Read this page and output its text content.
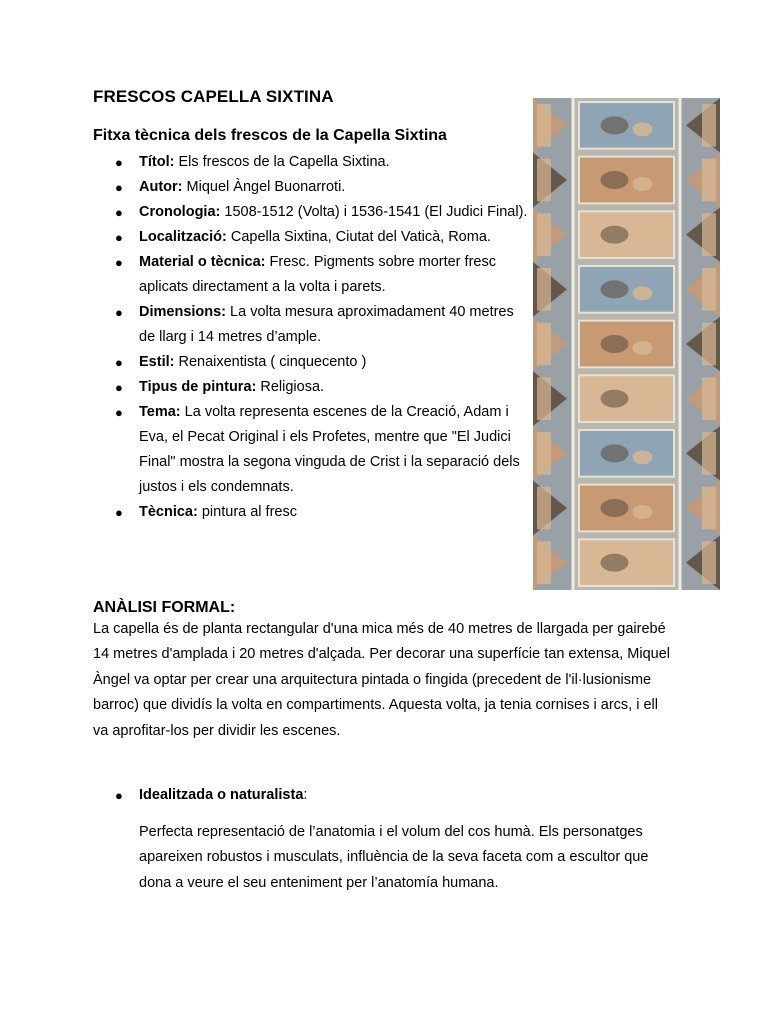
FRESCOS CAPELLA SIXTINA
Fitxa tècnica dels frescos de la Capella Sixtina
● Títol: Els frescos de la Capella Sixtina.
● Autor: Miquel Àngel Buonarroti.
● Cronologia: 1508-1512 (Volta) i 1536-1541 (El Judici Final).
● Localització: Capella Sixtina, Ciutat del Vaticà, Roma.
● Material o tècnica: Fresc. Pigments sobre morter fresc aplicats directament a la volta i parets.
● Dimensions: La volta mesura aproximadament 40 metres de llarg i 14 metres d’ample.
● Estil: Renaixentista ( cinquecento )
● Tipus de pintura: Religiosa.
● Tema: La volta representa escenes de la Creació, Adam i Eva, el Pecat Original i els Profetes, mentre que "El Judici Final" mostra la segona vinguda de Crist i la separació dels justos i els condemnats.
● Tècnica: pintura al fresc
ANÀLISI FORMAL:

La capella és de planta rectangular d'una mica més de 40 metres de llargada per gairebé 14 metres d'amplada i 20 metres d'alçada. Per decorar una superfície tan extensa, Miquel Àngel va optar per crear una arquitectura pintada o fingida (precedent de l'il·lusionisme barroc) que dividís la volta en compartiments. Aquesta volta, ja tenia cornises i arcs, i ell va aprofitar-los per dividir les escenes.

● Idealitzada o naturalista:

Perfecta representació de l’anatomia i el volum del cos humà. Els personatges apareixen robustos i musculats, influència de la seva faceta com a escultor que dona a veure el seu enteniment per l’anatomía humana.
